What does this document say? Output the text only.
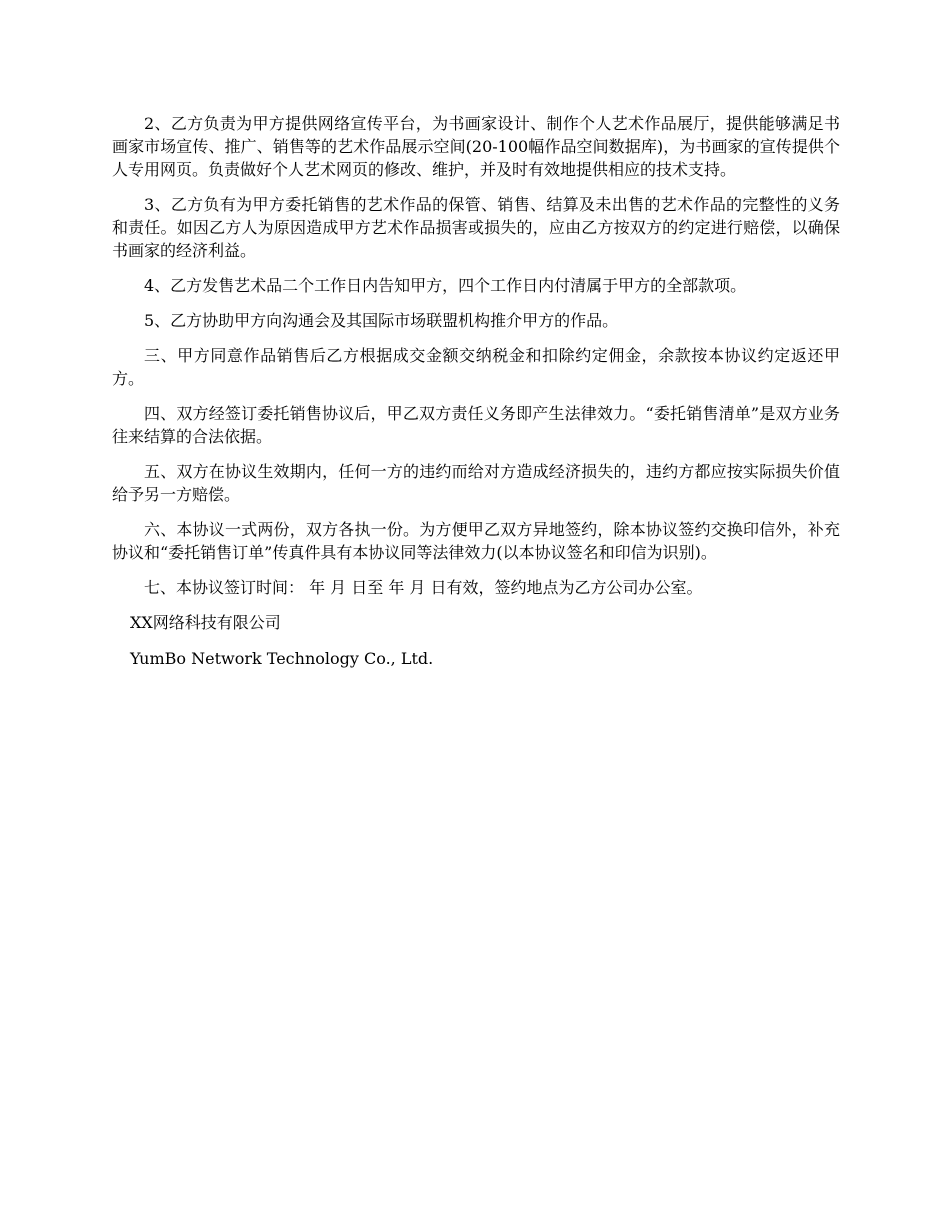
2、乙方负责为甲方提供网络宣传平台，为书画家设计、制作个人艺术作品展厅，提供能够满足书画家市场宣传、推广、销售等的艺术作品展示空间(20-100幅作品空间数据库)，为书画家的宣传提供个人专用网页。负责做好个人艺术网页的修改、维护，并及时有效地提供相应的技术支持。

3、乙方负有为甲方委托销售的艺术作品的保管、销售、结算及未出售的艺术作品的完整性的义务和责任。如因乙方人为原因造成甲方艺术作品损害或损失的，应由乙方按双方的约定进行赔偿，以确保书画家的经济利益。

4、乙方发售艺术品二个工作日内告知甲方，四个工作日内付清属于甲方的全部款项。

5、乙方协助甲方向沟通会及其国际市场联盟机构推介甲方的作品。

三、甲方同意作品销售后乙方根据成交金额交纳税金和扣除约定佣金，余款按本协议约定返还甲方。

四、双方经签订委托销售协议后，甲乙双方责任义务即产生法律效力。“委托销售清单”是双方业务往来结算的合法依据。

五、双方在协议生效期内，任何一方的违约而给对方造成经济损失的，违约方都应按实际损失价值给予另一方赔偿。

六、本协议一式两份，双方各执一份。为方便甲乙双方异地签约，除本协议签约交换印信外，补充协议和“委托销售订单”传真件具有本协议同等法律效力(以本协议签名和印信为识别)。

七、本协议签订时间： 年 月 日至 年 月 日有效，签约地点为乙方公司办公室。

XX网络科技有限公司

YumBo Network Technology Co., Ltd.
